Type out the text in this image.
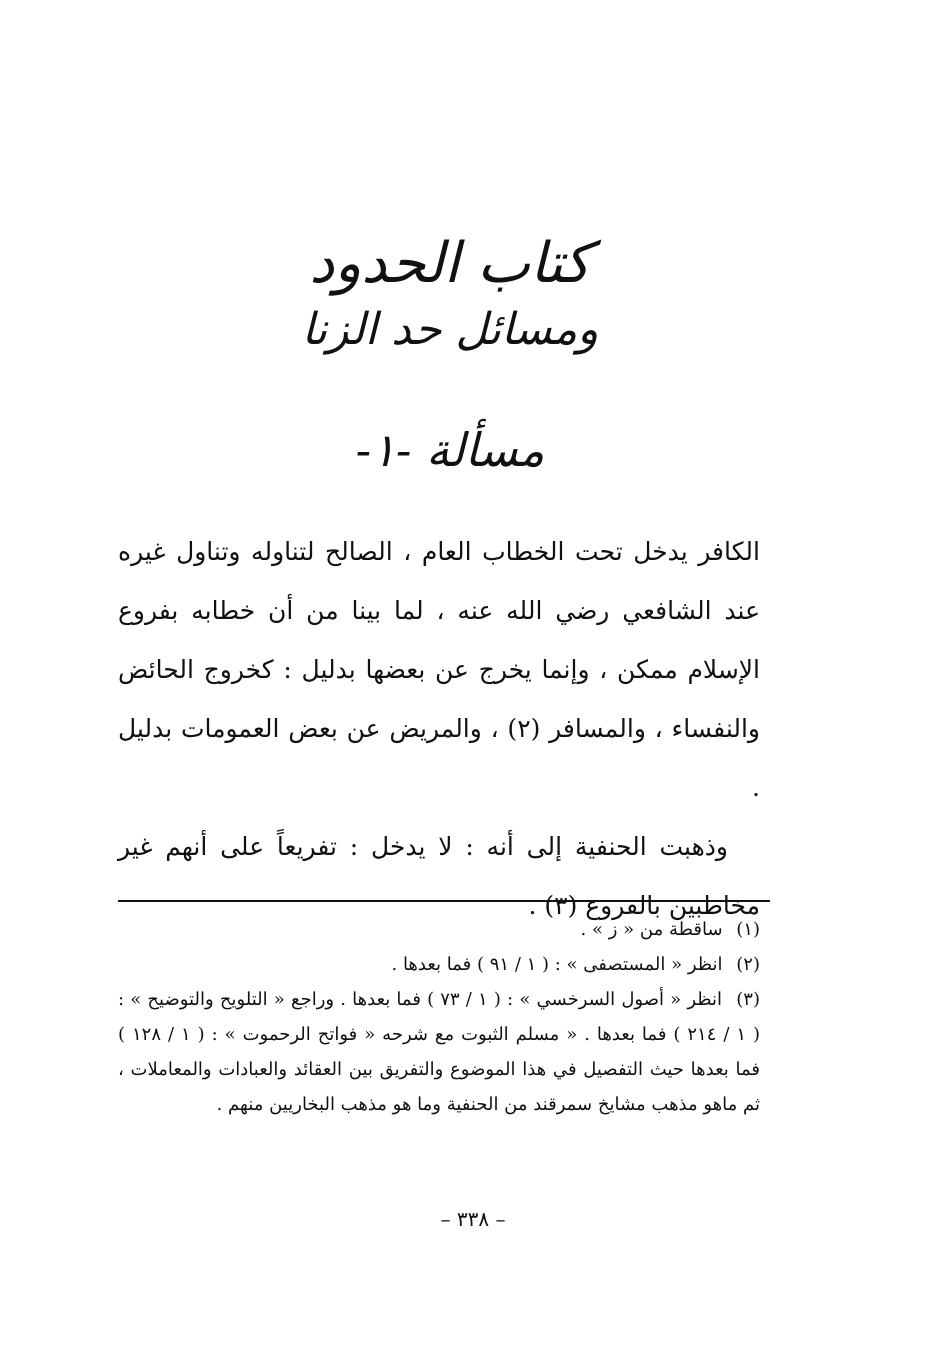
كتاب الحدود
ومسائل حد الزنا
مسألة -١-

الكافر يدخل تحت الخطاب العام ، الصالح لتناوله وتناول غيره عند الشافعي رضي الله عنه ، لما بينا من أن خطابه بفروع الإسلام ممكن ، وإنما يخرج عن بعضها بدليل : كخروج الحائض والنفساء ، والمسافر (٢) ، والمريض عن بعض العمومات بدليل .

وذهبت الحنفية إلى أنه : لا يدخل : تفريعاً على أنهم غير مخاطبين بالفروع (٣) .

(١) ساقطة من « ز » .

(٢) انظر « المستصفى » : ( ١ / ٩١ ) فما بعدها .

(٣) انظر « أصول السرخسي » : ( ١ / ٧٣ ) فما بعدها . وراجع « التلويح والتوضيح » : ( ١ / ٢١٤ ) فما بعدها . « مسلم الثبوت مع شرحه « فواتح الرحموت » : ( ١ / ١٢٨ ) فما بعدها حيث التفصيل في هذا الموضوع والتفريق بين العقائد والعبادات والمعاملات ، ثم ماهو مذهب مشايخ سمرقند من الحنفية وما هو مذهب البخاريين منهم .

– ٣٣٨ –
